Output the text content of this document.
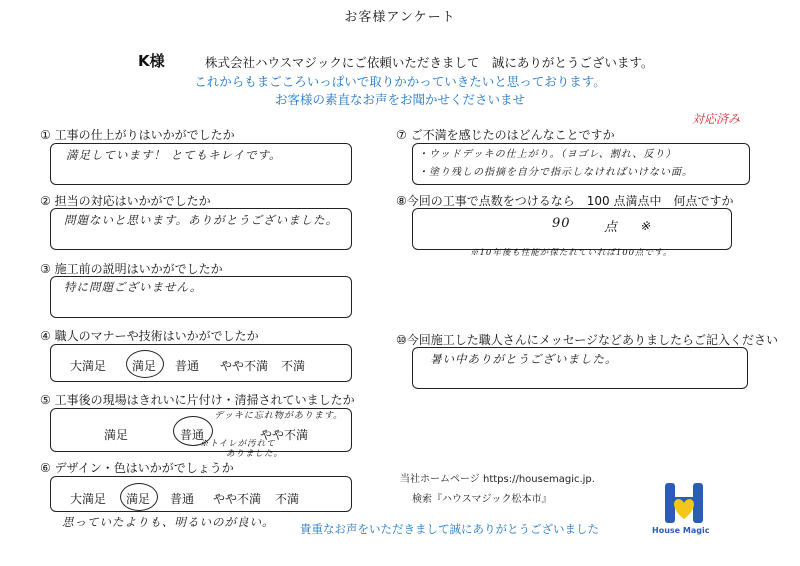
お客様アンケート
K様	株式会社ハウスマジックにご依頼いただきまして　誠にありがとうございます。
これからもまごころいっぱいで取りかかっていきたいと思っております。
お客様の素直なお声をお聞かせくださいませ
対応済み
① 工事の仕上がりはいかがでしたか
満足しています！ とてもキレイです。
② 担当の対応はいかがでしたか
問題ないと思います。ありがとうございました。
③ 施工前の説明はいかがでしたか
特に問題ございません。
④ 職人のマナーや技術はいかがでしたか
大満足 満足 普通 やや不満 不満
⑤ 工事後の現場はきれいに片付け・清掃されていましたか
満足	普通	やや不満
デッキに忘れ物があります。
※トイレが汚れて
ありました。
⑥ デザイン・色はいかがでしょうか
大満足 満足 普通 やや不満 不満
思っていたよりも、明るいのが良い。
⑦ ご不満を感じたのはどんなことですか
・ウッドデッキの仕上がり。（ヨゴレ、割れ、反り）
・塗り残しの指摘を自分で指示しなければいけない面。
⑧今回の工事で点数をつけるなら　100 点満点中　何点ですか
90	点 ※
※10年後も性能が保たれていれば100点です。
⑩今回施工した職人さんにメッセージなどありましたらご記入ください
暑い中ありがとうございました。
当社ホームページ https://housemagic.jp.
検索『ハウスマジック松本市』
貴重なお声をいただきまして誠にありがとうございました	House Magic
